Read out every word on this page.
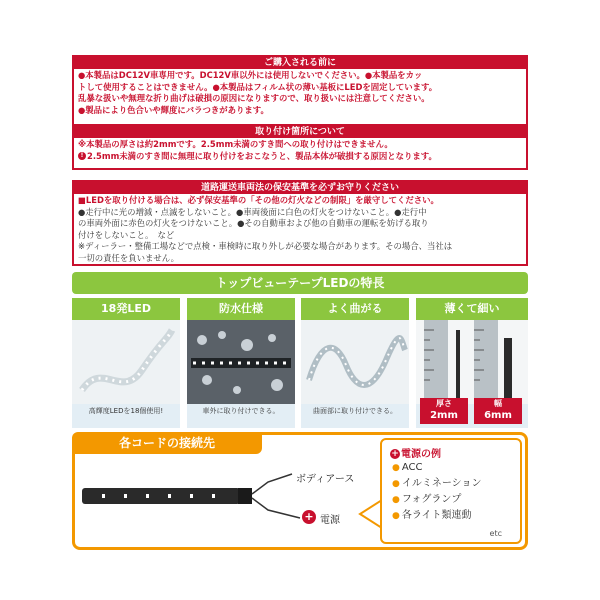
ご購入される前に
●本製品はDC12V車専用です。DC12V車以外には使用しないでください。●本製品をカッ
トして使用することはできません。●本製品はフィルム状の薄い基板にLEDを固定しています。
乱暴な扱いや無理な折り曲げは破損の原因になりますので、取り扱いには注意してください。
●製品により色合いや輝度にバラつきがあります。
取り付け箇所について
※本製品の厚さは約2mmです。2.5mm未満のすき間への取り付けはできません。
! 2.5mm未満のすき間に無理に取り付けをおこなうと、製品本体が破損する原因となります。
道路運送車両法の保安基準を必ずお守りください
■LEDを取り付ける場合は、必ず保安基準の「その他の灯火などの制限」を厳守してください。
●走行中に光の増減・点滅をしないこと。●車両後面に白色の灯火をつけないこと。●走行中
の車両外面に赤色の灯火をつけないこと。●その自動車および他の自動車の運転を妨げる取り
付けをしないこと。　など
※ディーラー・整備工場などで点検・車検時に取り外しが必要な場合があります。その場合、当社は
一切の責任を負いません。
トップビューテープLEDの特長
18発LED
高輝度LEDを18個使用!
防水仕様
車外に取り付けできる。
よく曲がる
曲面部に取り付けできる。
薄くて細い
厚さ
2mm
幅
6mm
各コードの接続先
ボディアース
+ 電源
+ 電源の例
● ACC
● イルミネーション
● フォグランプ
● 各ライト類連動
etc
